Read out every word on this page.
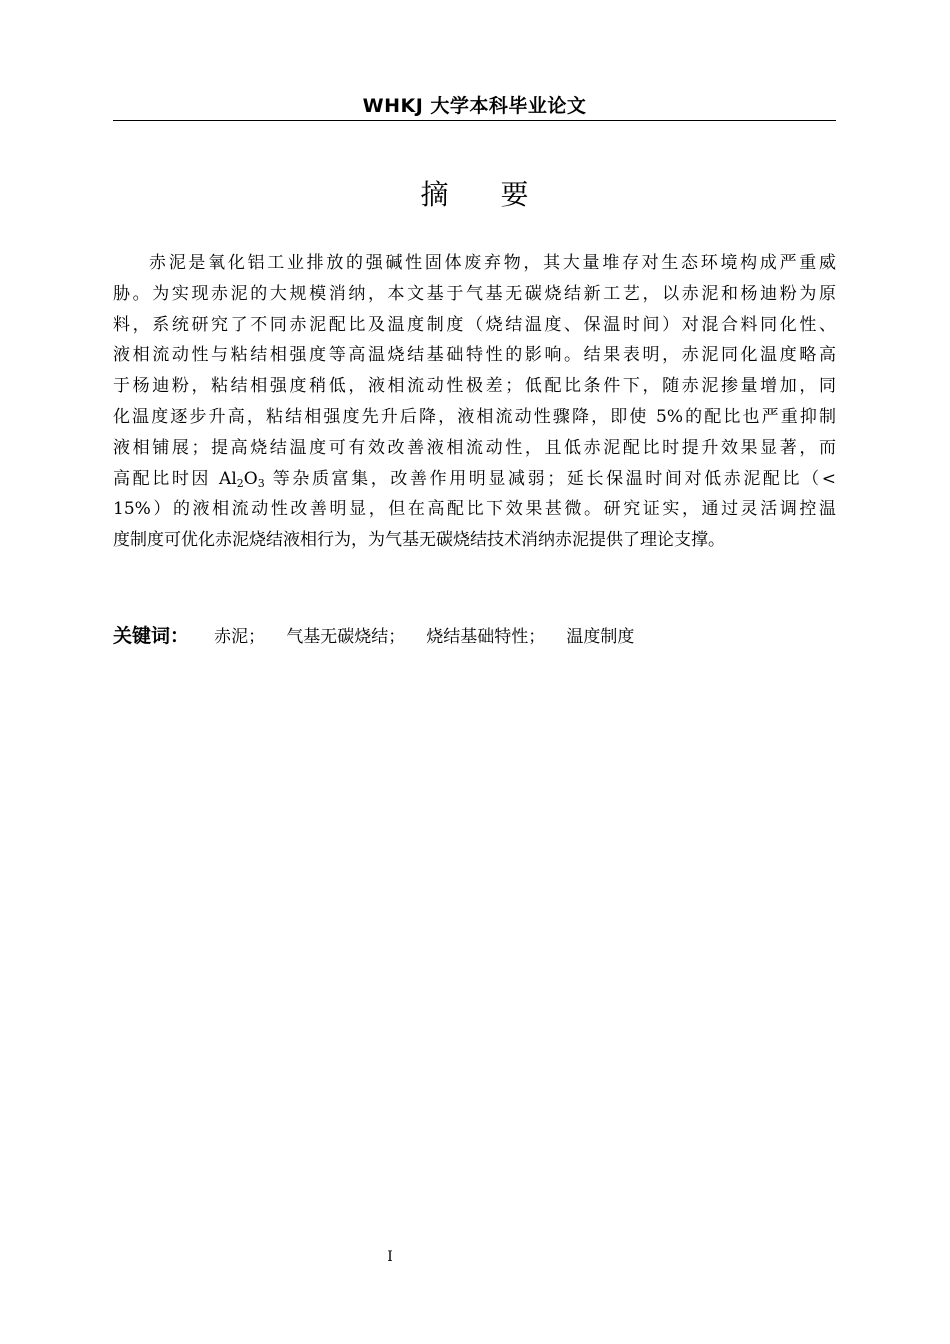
WHKJ 大学本科毕业论文
摘 要
赤泥是氧化铝工业排放的强碱性固体废弃物，其大量堆存对生态环境构成严重威
胁。为实现赤泥的大规模消纳，本文基于气基无碳烧结新工艺，以赤泥和杨迪粉为原
料，系统研究了不同赤泥配比及温度制度（烧结温度、保温时间）对混合料同化性、
液相流动性与粘结相强度等高温烧结基础特性的影响。结果表明，赤泥同化温度略高
于杨迪粉，粘结相强度稍低，液相流动性极差；低配比条件下，随赤泥掺量增加，同
化温度逐步升高，粘结相强度先升后降，液相流动性骤降，即使 5%的配比也严重抑制
液相铺展；提高烧结温度可有效改善液相流动性，且低赤泥配比时提升效果显著，而
高配比时因 $Al_2O_3$ 等杂质富集，改善作用明显减弱；延长保温时间对低赤泥配比（<
15%）的液相流动性改善明显，但在高配比下效果甚微。研究证实，通过灵活调控温
度制度可优化赤泥烧结液相行为，为气基无碳烧结技术消纳赤泥提供了理论支撑。
关键词： 赤泥； 气基无碳烧结； 烧结基础特性； 温度制度
I
